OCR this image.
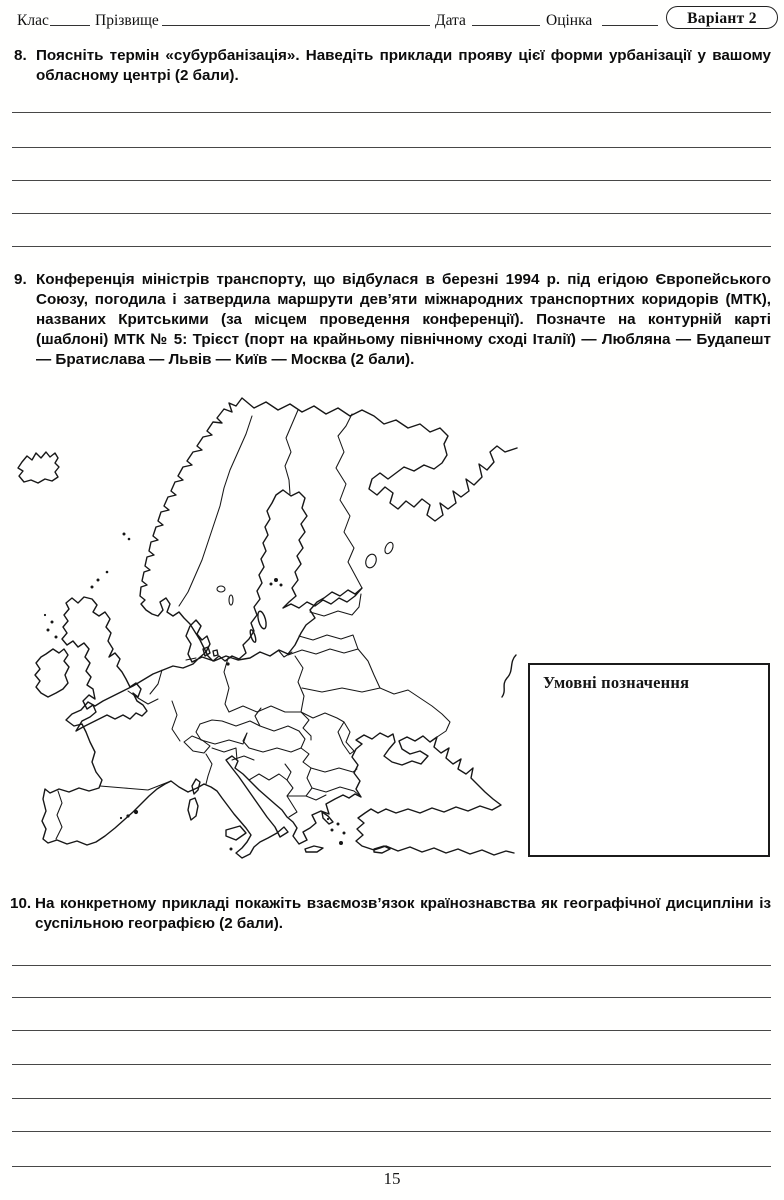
Клас	Прізвище	Дата	Оцінка	Варіант 2
8. Поясніть термін «субурбанізація». Наведіть приклади прояву цієї форми урбанізації у вашому обласному центрі (2 бали).
9. Конференція міністрів транспорту, що відбулася в березні 1994 р. під егідою Європейського Союзу, погодила і затвердила маршрути дев’яти міжнародних транспортних коридорів (МТК), названих Критськими (за місцем проведення конференції). Позначте на контурній карті (шаблоні) МТК № 5: Трієст (порт на крайньому північному сході Італії) — Любляна — Будапешт — Братислава — Львів — Київ — Москва (2 бали).
Умовні позначення
10. На конкретному прикладі покажіть взаємозв’язок країнознавства як географічної дисципліни із суспільною географією (2 бали).
15
